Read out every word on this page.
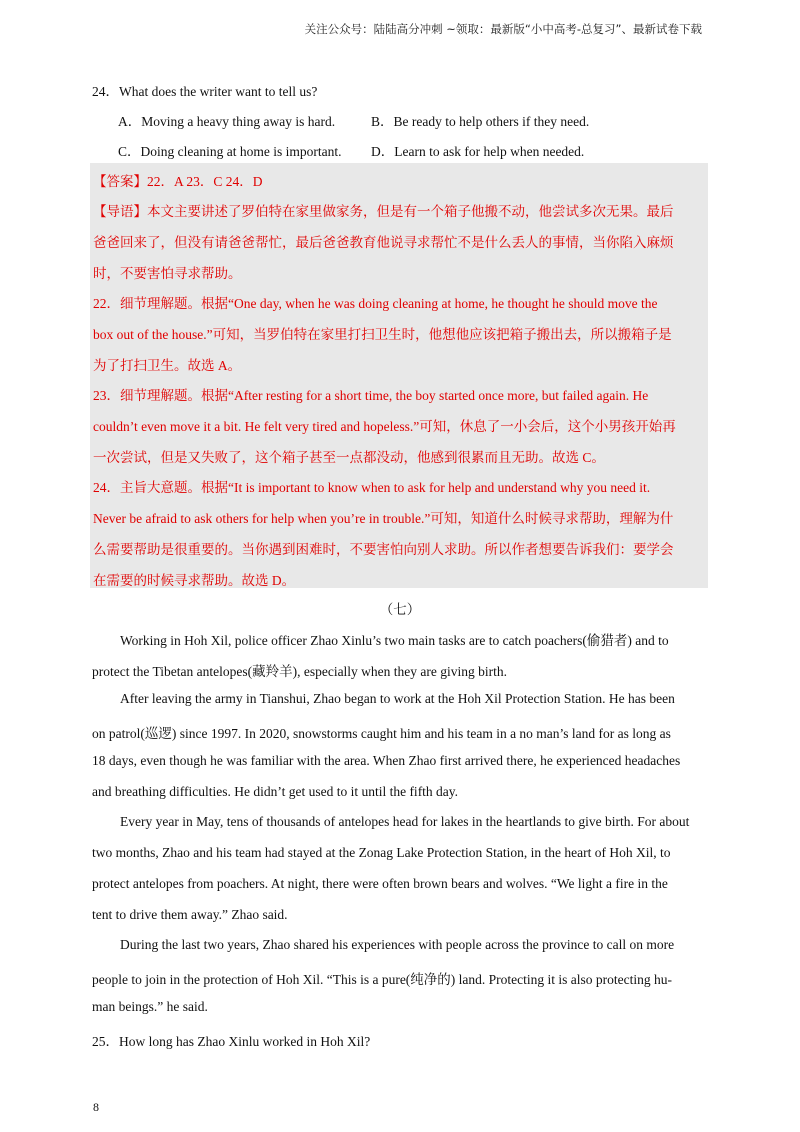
关注公众号：陆陆高分冲刺 ~领取：最新版“小中高考-总复习”、最新试卷下载
24．What does the writer want to tell us?
A．Moving a heavy thing away is hard.	B．Be ready to help others if they need.
C．Doing cleaning at home is important. D．Learn to ask for help when needed.
【答案】22．A 23．C 24．D
【导语】本文主要讲述了罗伯特在家里做家务，但是有一个箱子他搬不动，他尝试多次无果。最后
爸爸回来了，但没有请爸爸帮忙，最后爸爸教育他说寻求帮忙不是什么丢人的事情，当你陷入麻烦
时，不要害怕寻求帮助。
22．细节理解题。根据“One day, when he was doing cleaning at home, he thought he should move the
box out of the house.”可知，当罗伯特在家里打扫卫生时，他想他应该把箱子搬出去，所以搬箱子是
为了打扫卫生。故选 A。
23．细节理解题。根据“After resting for a short time, the boy started once more, but failed again. He
couldn’t even move it a bit. He felt very tired and hopeless.”可知，休息了一小会后，这个小男孩开始再
一次尝试，但是又失败了，这个箱子甚至一点都没动，他感到很累而且无助。故选 C。
24．主旨大意题。根据“It is important to know when to ask for help and understand why you need it.
Never be afraid to ask others for help when you’re in trouble.”可知，知道什么时候寻求帮助，理解为什
么需要帮助是很重要的。当你遇到困难时，不要害怕向别人求助。所以作者想要告诉我们：要学会
在需要的时候寻求帮助。故选 D。
（七）
Working in Hoh Xil, police officer Zhao Xinlu’s two main tasks are to catch poachers(偷猎者) and to
protect the Tibetan antelopes(藏羚羊), especially when they are giving birth.
After leaving the army in Tianshui, Zhao began to work at the Hoh Xil Protection Station. He has been
on patrol(巡逻) since 1997. In 2020, snowstorms caught him and his team in a no man’s land for as long as
18 days, even though he was familiar with the area. When Zhao first arrived there, he experienced headaches
and breathing difficulties. He didn’t get used to it until the fifth day.
Every year in May, tens of thousands of antelopes head for lakes in the heartlands to give birth. For about
two months, Zhao and his team had stayed at the Zonag Lake Protection Station, in the heart of Hoh Xil, to
protect antelopes from poachers. At night, there were often brown bears and wolves. “We light a fire in the
tent to drive them away.” Zhao said.
During the last two years, Zhao shared his experiences with people across the province to call on more
people to join in the protection of Hoh Xil. “This is a pure(纯净的) land. Protecting it is also protecting hu-
man beings.” he said.
25．How long has Zhao Xinlu worked in Hoh Xil?
8
